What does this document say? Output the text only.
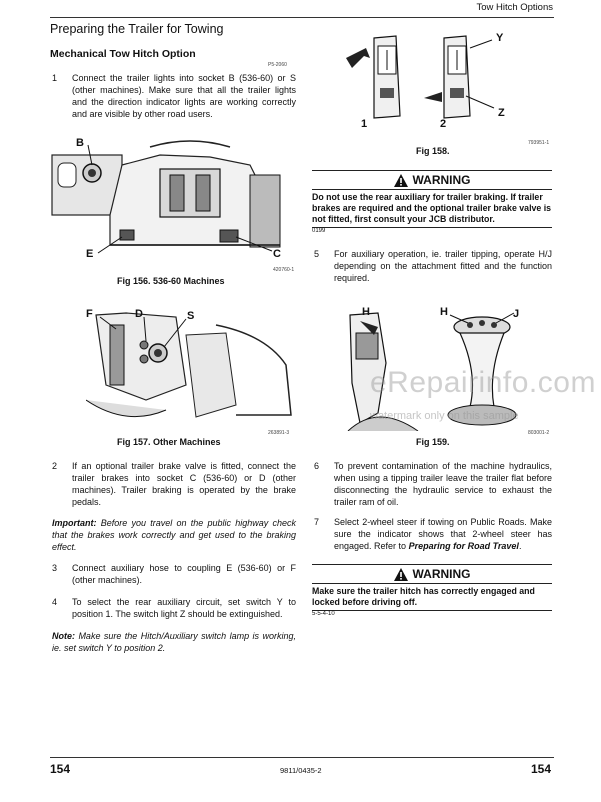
Tow Hitch Options
Preparing the Trailer for Towing
Mechanical Tow Hitch Option
P5-2060
1 Connect the trailer lights into socket B (536-60) or S (other machines). Make sure that all the trailer lights and the direction indicator lights are working correctly and are visible by other road users.
B
E	C
420760-1
Fig 156. 536-60 Machines
F	D	S
263891-3
Fig 157. Other Machines
2 If an optional trailer brake valve is fitted, connect the trailer brakes into socket C (536-60) or D (other machines). Trailer braking is operated by the brake pedals.
Important: Before you travel on the public highway check that the brakes work correctly and get used to the braking effect.
3 Connect auxiliary hose to coupling E (536-60) or F (other machines).
4 To select the rear auxiliary circuit, set switch Y to position 1. The switch light Z should be extinguished.
Note: Make sure the Hitch/Auxiliary switch lamp is working, ie. set switch Y to position 2.
1	2
Y
Z
793951-1
Fig 158.
WARNING
Do not use the rear auxiliary for trailer braking. If trailer brakes are required and the optional trailer brake valve is not fitted, first consult your JCB distributor.
0199
5 For auxiliary operation, ie. trailer tipping, operate H/J depending on the attachment fitted and the function required.
H	H	J
803001-2
Fig 159.
6 To prevent contamination of the machine hydraulics, when using a tipping trailer leave the trailer flat before disconnecting the hydraulic service to exhaust the trailer ram of oil.
7 Select 2-wheel steer if towing on Public Roads. Make sure the indicator shows that 2-wheel steer has engaged. Refer to Preparing for Road Travel.
WARNING
Make sure the trailer hitch has correctly engaged and locked before driving off.
5-5-4-10
eRepairinfo.com
watermark only on this sample
154	9811/0435-2	154
